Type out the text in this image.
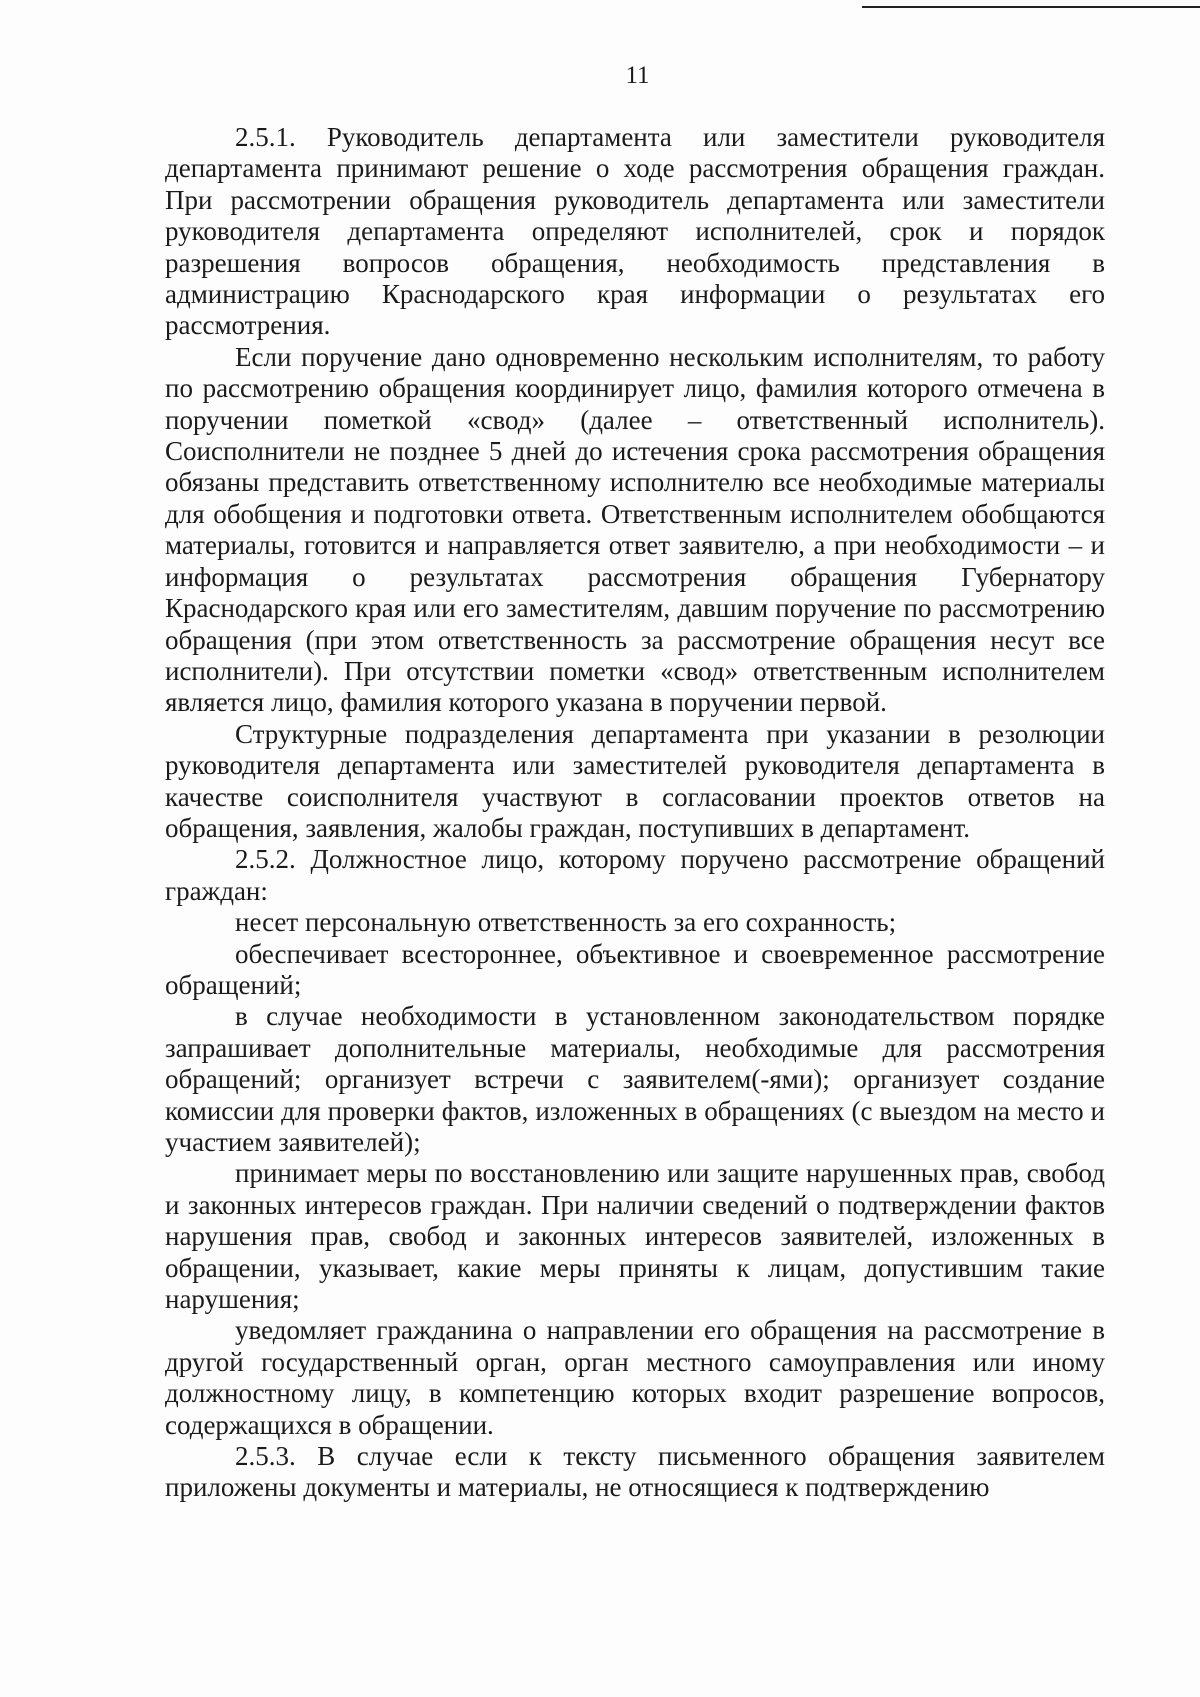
11

2.5.1. Руководитель департамента или заместители руководителя департамента принимают решение о ходе рассмотрения обращения граждан. При рассмотрении обращения руководитель департамента или заместители руководителя департамента определяют исполнителей, срок и порядок разрешения вопросов обращения, необходимость представления в администрацию Краснодарского края информации о результатах его рассмотрения.

Если поручение дано одновременно нескольким исполнителям, то работу по рассмотрению обращения координирует лицо, фамилия которого отмечена в поручении пометкой «свод» (далее – ответственный исполнитель). Соисполнители не позднее 5 дней до истечения срока рассмотрения обращения обязаны представить ответственному исполнителю все необходимые материалы для обобщения и подготовки ответа. Ответственным исполнителем обобщаются материалы, готовится и направляется ответ заявителю, а при необходимости – и информация о результатах рассмотрения обращения Губернатору Краснодарского края или его заместителям, давшим поручение по рассмотрению обращения (при этом ответственность за рассмотрение обращения несут все исполнители). При отсутствии пометки «свод» ответственным исполнителем является лицо, фамилия которого указана в поручении первой.

Структурные подразделения департамента при указании в резолюции руководителя департамента или заместителей руководителя департамента в качестве соисполнителя участвуют в согласовании проектов ответов на обращения, заявления, жалобы граждан, поступивших в департамент.

2.5.2. Должностное лицо, которому поручено рассмотрение обращений граждан:

несет персональную ответственность за его сохранность;

обеспечивает всестороннее, объективное и своевременное рассмотрение обращений;

в случае необходимости в установленном законодательством порядке запрашивает дополнительные материалы, необходимые для рассмотрения обращений; организует встречи с заявителем(-ями); организует создание комиссии для проверки фактов, изложенных в обращениях (с выездом на место и участием заявителей);

принимает меры по восстановлению или защите нарушенных прав, свобод и законных интересов граждан. При наличии сведений о подтверждении фактов нарушения прав, свобод и законных интересов заявителей, изложенных в обращении, указывает, какие меры приняты к лицам, допустившим такие нарушения;

уведомляет гражданина о направлении его обращения на рассмотрение в другой государственный орган, орган местного самоуправления или иному должностному лицу, в компетенцию которых входит разрешение вопросов, содержащихся в обращении.

2.5.3. В случае если к тексту письменного обращения заявителем приложены документы и материалы, не относящиеся к подтверждению
